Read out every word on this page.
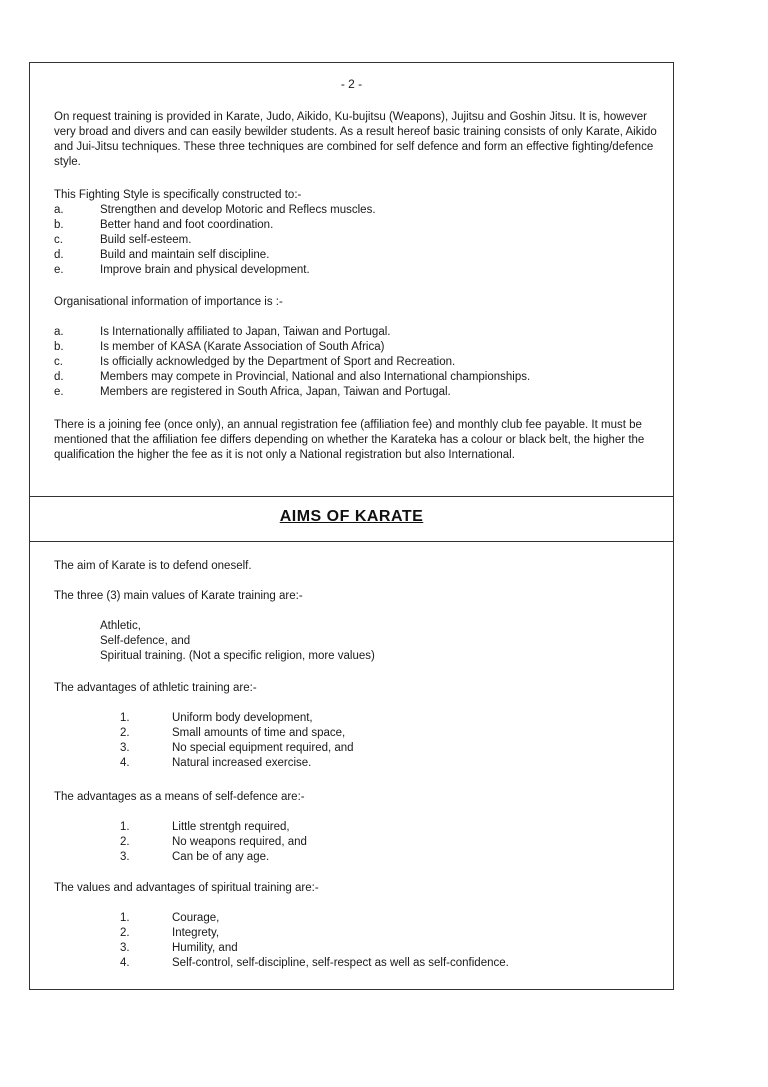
- 2 -

On request training is provided in Karate, Judo, Aikido, Ku-bujitsu (Weapons), Jujitsu and Goshin Jitsu. It is, however very broad and divers and can easily bewilder students. As a result hereof basic training consists of only Karate, Aikido and Jui-Jitsu techniques. These three techniques are combined for self defence and form an effective fighting/defence style.

This Fighting Style is specifically constructed to:-

a.	Strengthen and develop Motoric and Reflecs muscles.
b.	Better hand and foot coordination.
c.	Build self-esteem.
d.	Build and maintain self discipline.
e.	Improve brain and physical development.

Organisational information of importance is :-

a.	Is Internationally affiliated to Japan, Taiwan and Portugal.
b.	Is member of KASA (Karate Association of South Africa)
c.	Is officially acknowledged by the Department of Sport and Recreation.
d.	Members may compete in Provincial, National and also International championships.
e.	Members are registered in South Africa, Japan, Taiwan and Portugal.

There is a joining fee (once only), an annual registration fee (affiliation fee) and monthly club fee payable. It must be mentioned that the affiliation fee differs depending on whether the Karateka has a colour or black belt, the higher the qualification the higher the fee as it is not only a National registration but also International.

AIMS OF KARATE

The aim of Karate is to defend oneself.

The three (3) main values of Karate training are:-

Athletic,
Self-defence, and
Spiritual training. (Not a specific religion, more values)

The advantages of athletic training are:-

1.	Uniform body development,
2.	Small amounts of time and space,
3.	No special equipment required, and
4.	Natural increased exercise.

The advantages as a means of self-defence are:-

1.	Little strentgh required,
2.	No weapons required, and
3.	Can be of any age.

The values and advantages of spiritual training are:-

1.	Courage,
2.	Integrety,
3.	Humility, and
4.	Self-control, self-discipline, self-respect as well as self-confidence.
